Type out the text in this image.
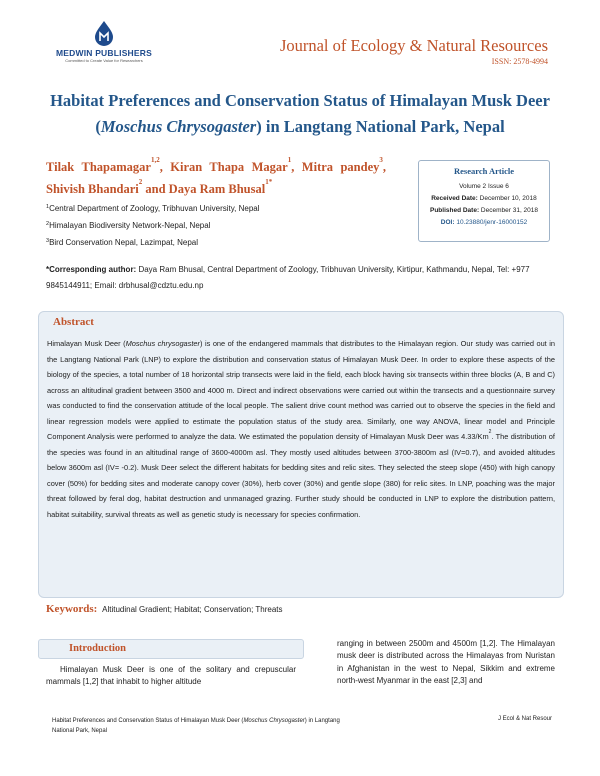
MEDWIN PUBLISHERS
Committed to Create Value for Researchers
Journal of Ecology & Natural Resources
ISSN: 2578-4994
Habitat Preferences and Conservation Status of Himalayan Musk Deer
(Moschus Chrysogaster) in Langtang National Park, Nepal
Tilak Thapamagar$^{1,2}$, Kiran Thapa Magar$^1$, Mitra pandey$^3$, Shivish Bhandari$^2$ and Daya Ram Bhusal$^{1*}$
$^1$Central Department of Zoology, Tribhuvan University, Nepal
$^2$Himalayan Biodiversity Network-Nepal, Nepal
$^3$Bird Conservation Nepal, Lazimpat, Nepal
Research Article
Volume 2 Issue 6
Received Date: December 10, 2018
Published Date: December 31, 2018
DOI: 10.23880/jenr-16000152
*Corresponding author: Daya Ram Bhusal, Central Department of Zoology, Tribhuvan University, Kirtipur, Kathmandu, Nepal, Tel: +977 9845144911; Email: drbhusal@cdztu.edu.np
Abstract
Himalayan Musk Deer (Moschus chrysogaster) is one of the endangered mammals that distributes to the Himalayan region. Our study was carried out in the Langtang National Park (LNP) to explore the distribution and conservation status of Himalayan Musk Deer. In order to explore these aspects of the biology of the species, a total number of 18 horizontal strip transects were laid in the field, each block having six transects within three blocks (A, B and C) across an altitudinal gradient between 3500 and 4000 m. Direct and indirect observations were carried out within the transects and a questionnaire survey was conducted to find the conservation attitude of the local people. The salient drive count method was carried out to observe the species in the field and linear regression models were applied to estimate the population status of the study area. Similarly, one way ANOVA, linear model and Principle Component Analysis were performed to analyze the data. We estimated the population density of Himalayan Musk Deer was 4.33/Km$^2$. The distribution of the species was found in an altitudinal range of 3600-4000m asl. They mostly used altitudes between 3700-3800m asl (IV=0.7), and avoided altitudes below 3600m asl (IV= -0.2). Musk Deer select the different habitats for bedding sites and relic sites. They selected the steep slope (450) with high canopy cover (50%) for bedding sites and moderate canopy cover (30%), herb cover (30%) and gentle slope (380) for relic sites. In LNP, poaching was the major threat followed by feral dog, habitat destruction and unmanaged grazing. Further study should be conducted in LNP to explore the distribution pattern, habitat suitability, survival threats as well as genetic study is necessary for species confirmation.
Keywords: Altitudinal Gradient; Habitat; Conservation; Threats
Introduction
Himalayan Musk Deer is one of the solitary and crepuscular mammals [1,2] that inhabit to higher altitude
ranging in between 2500m and 4500m [1,2]. The Himalayan musk deer is distributed across the Himalayas from Nuristan in Afghanistan in the west to Nepal, Sikkim and extreme north-west Myanmar in the east [2,3] and
Habitat Preferences and Conservation Status of Himalayan Musk Deer (Moschus Chrysogaster) in Langtang National Park, Nepal
J Ecol & Nat Resour
